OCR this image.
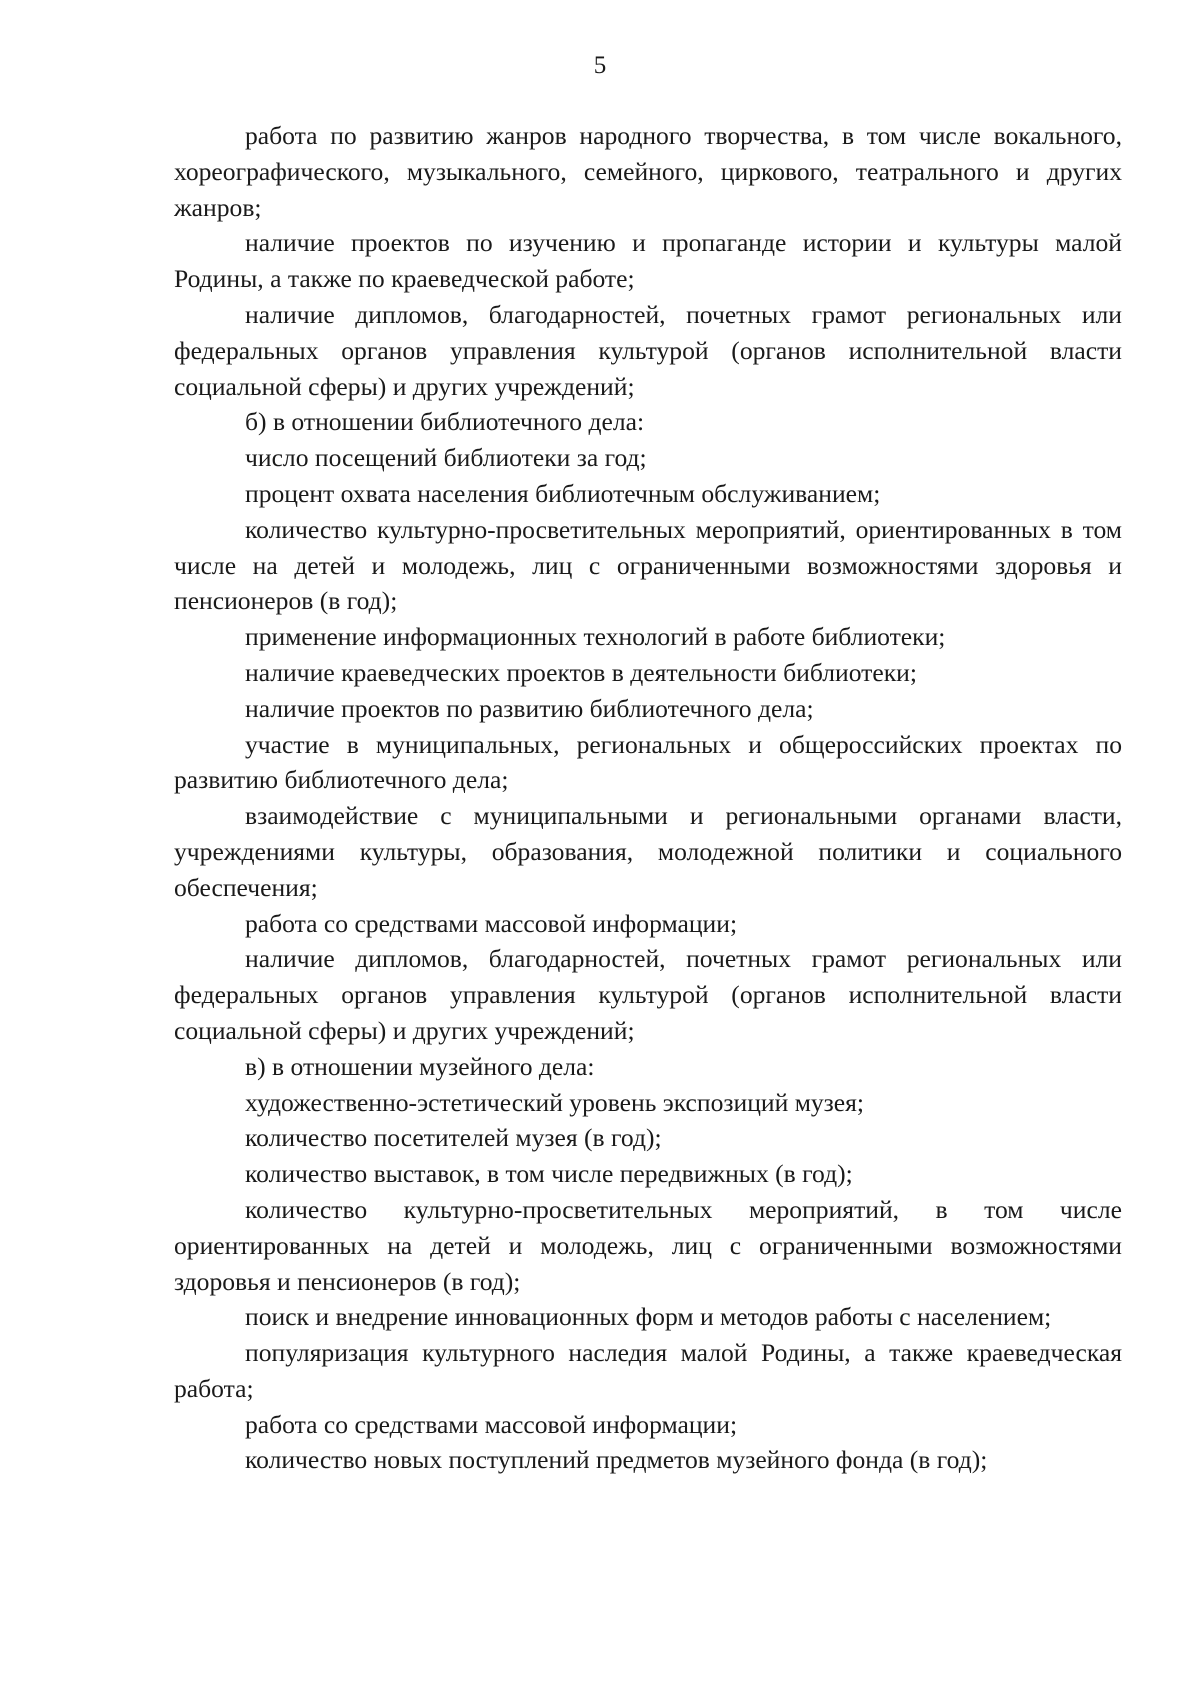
5

работа по развитию жанров народного творчества, в том числе вокального, хореографического, музыкального, семейного, циркового, театрального и других жанров;

наличие проектов по изучению и пропаганде истории и культуры малой Родины, а также по краеведческой работе;

наличие дипломов, благодарностей, почетных грамот региональных или федеральных органов управления культурой (органов исполнительной власти социальной сферы) и других учреждений;

б) в отношении библиотечного дела:

число посещений библиотеки за год;

процент охвата населения библиотечным обслуживанием;

количество культурно-просветительных мероприятий, ориентированных в том числе на детей и молодежь, лиц с ограниченными возможностями здоровья и пенсионеров (в год);

применение информационных технологий в работе библиотеки;

наличие краеведческих проектов в деятельности библиотеки;

наличие проектов по развитию библиотечного дела;

участие в муниципальных, региональных и общероссийских проектах по развитию библиотечного дела;

взаимодействие с муниципальными и региональными органами власти, учреждениями культуры, образования, молодежной политики и социального обеспечения;

работа со средствами массовой информации;

наличие дипломов, благодарностей, почетных грамот региональных или федеральных органов управления культурой (органов исполнительной власти социальной сферы) и других учреждений;

в) в отношении музейного дела:

художественно-эстетический уровень экспозиций музея;

количество посетителей музея (в год);

количество выставок, в том числе передвижных (в год);

количество культурно-просветительных мероприятий, в том числе ориентированных на детей и молодежь, лиц с ограниченными возможностями здоровья и пенсионеров (в год);

поиск и внедрение инновационных форм и методов работы с населением;

популяризация культурного наследия малой Родины, а также краеведческая работа;

работа со средствами массовой информации;

количество новых поступлений предметов музейного фонда (в год);
